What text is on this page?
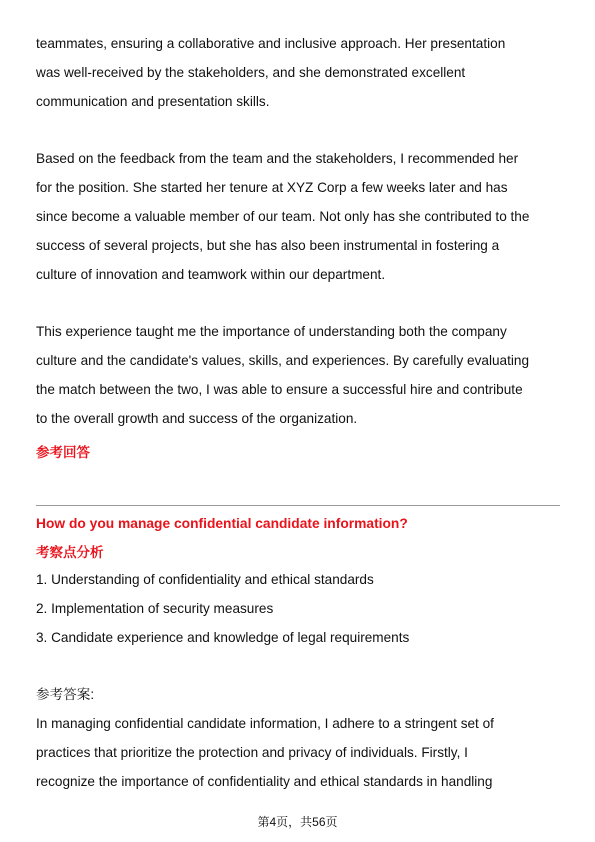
teammates, ensuring a collaborative and inclusive approach. Her presentation
was well-received by the stakeholders, and she demonstrated excellent
communication and presentation skills.

Based on the feedback from the team and the stakeholders, I recommended her
for the position. She started her tenure at XYZ Corp a few weeks later and has
since become a valuable member of our team. Not only has she contributed to the
success of several projects, but she has also been instrumental in fostering a
culture of innovation and teamwork within our department.

This experience taught me the importance of understanding both the company
culture and the candidate's values, skills, and experiences. By carefully evaluating
the match between the two, I was able to ensure a successful hire and contribute
to the overall growth and success of the organization.

参考回答

How do you manage confidential candidate information?

考察点分析

1. Understanding of confidentiality and ethical standards
2. Implementation of security measures
3. Candidate experience and knowledge of legal requirements

参考答案:

In managing confidential candidate information, I adhere to a stringent set of
practices that prioritize the protection and privacy of individuals. Firstly, I
recognize the importance of confidentiality and ethical standards in handling

第4页，共56页
